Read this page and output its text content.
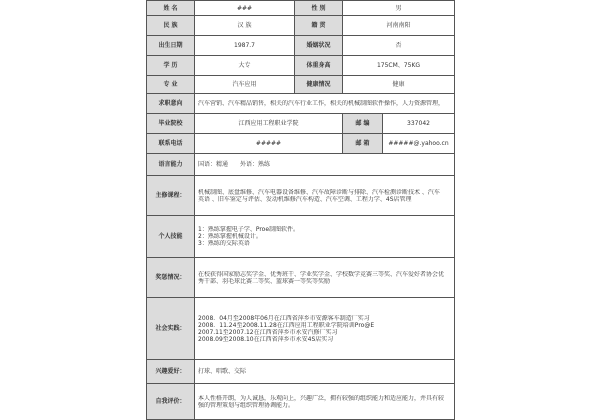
姓 名	###	性 别	男	
民 族	汉 族	籍 贯	河南南阳	
出生日期	1987.7	婚姻状况	否	
学 历	大专	体重身高	175CM、75KG	
专 业	汽车应用	健康情况	健康	
求职意向	汽车营销、汽车精品销售，相关的汽车行业工作，相关的机械制图软件操作，人力资源管理，			

毕业院校	江西应用工程职业学院		邮 编	337042
联系电话	#####		邮 箱	#####@.yahoo.cn
语言能力	国语：精通　　外语：熟练			
主修课程：	机械制图、底盘维修、汽车电器设备维修、汽车故障诊断与排除、汽车检测诊断技术 、汽车
英语 、旧车鉴定与评估、发动机维修汽车构造、汽车空调、工程力学、4S店管理			

个人技能	1：熟练掌握电子学、Proe制图软件。
2：熟练掌握机械设计。
3：熟练的交际英语			

奖惩情况：	在校获得国家励志奖学金、优秀班干、学业奖学金、学校数学竞赛三等奖、汽车爱好者协会优
秀干部、羽毛球比赛二等奖、篮球赛一等奖等奖励			

社会实践：	2008．04月至2008年06月在江西省萍乡市安源客车制造厂实习
2008．11.24至2008.11.28在江西应用工程职业学院培训Pro@E
2007.11至2007.12在江西省萍乡市永安汽修厂实习
2008.09至2008.10在江西省萍乡市永安4S店实习			

兴趣爱好：	打球、唱歌、交际			
自我评价：	本人性格开朗，为人诚恳，乐观向上，兴趣广泛，拥有较强的组织能力和适应能力，并具有较
强的管理策划与组织管理协调能力。			
